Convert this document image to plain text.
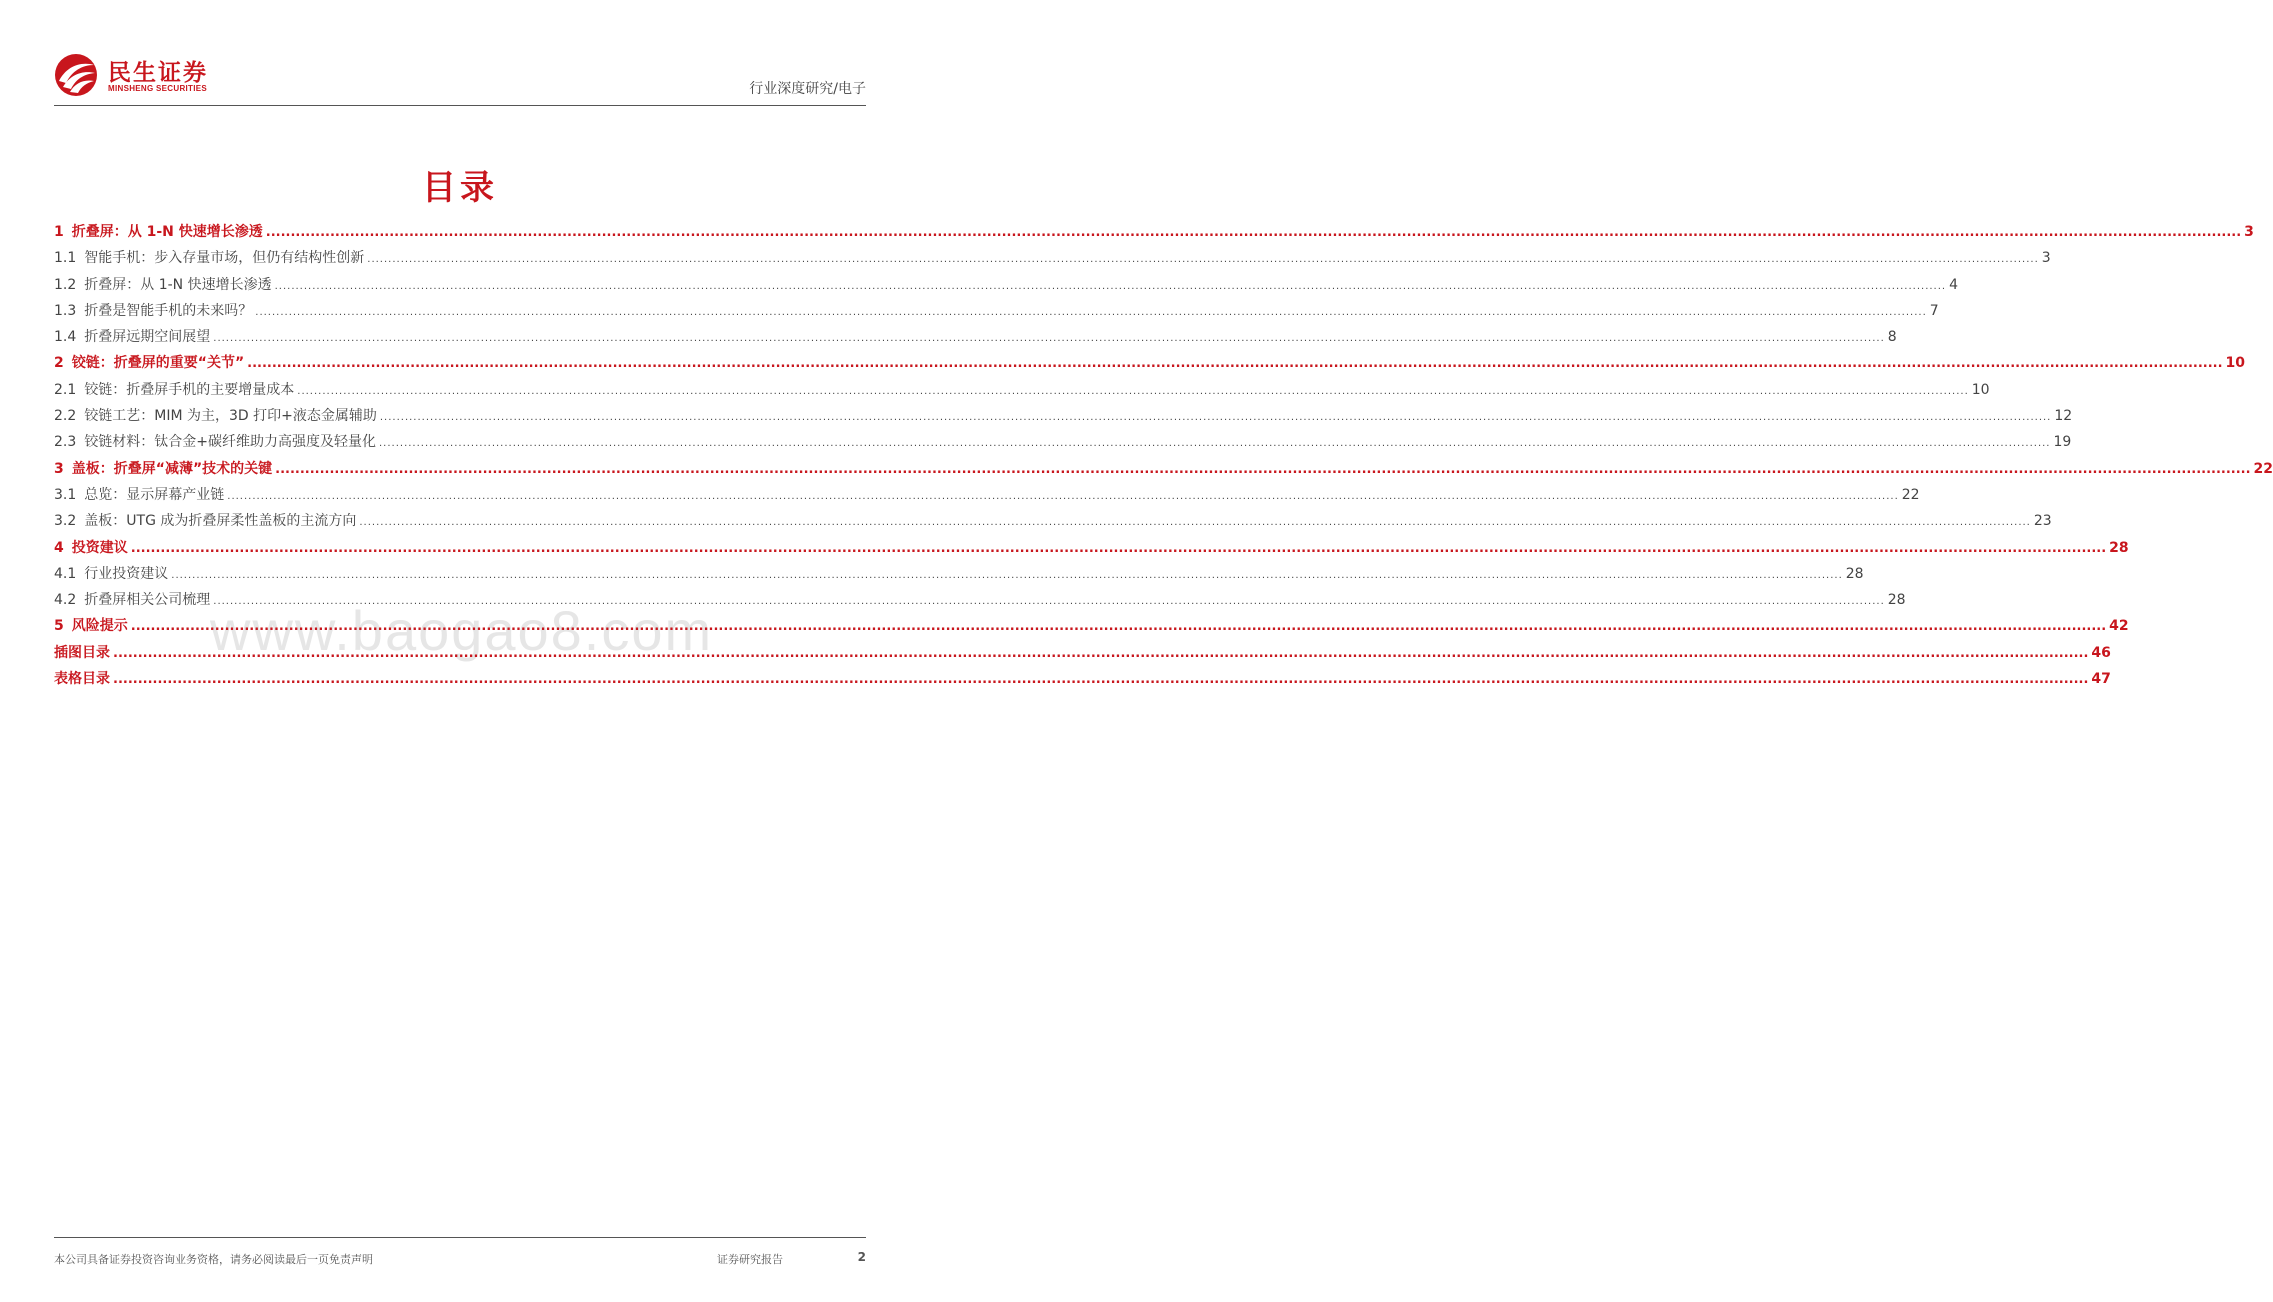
民生证券
MINSHENG SECURITIES	行业深度研究/电子
www.baogao8.com
目录
1 折叠屏：从 1-N 快速增长渗透 ................................................................................................................................................................................................................................................................................................................................................................................................................ 3
1.1 智能手机：步入存量市场，但仍有结构性创新 ................................................................................................................................................................................................................................................................................................................................................................................................................ 3
1.2 折叠屏：从 1-N 快速增长渗透 ................................................................................................................................................................................................................................................................................................................................................................................................................ 4
1.3 折叠是智能手机的未来吗？ ................................................................................................................................................................................................................................................................................................................................................................................................................ 7
1.4 折叠屏远期空间展望 ................................................................................................................................................................................................................................................................................................................................................................................................................ 8
2 铰链：折叠屏的重要“关节” ................................................................................................................................................................................................................................................................................................................................................................................................................ 10
2.1 铰链：折叠屏手机的主要增量成本 ................................................................................................................................................................................................................................................................................................................................................................................................................ 10
2.2 铰链工艺：MIM 为主，3D 打印+液态金属辅助 ................................................................................................................................................................................................................................................................................................................................................................................................................ 12
2.3 铰链材料：钛合金+碳纤维助力高强度及轻量化 ................................................................................................................................................................................................................................................................................................................................................................................................................ 19
3 盖板：折叠屏“减薄”技术的关键 ................................................................................................................................................................................................................................................................................................................................................................................................................ 22
3.1 总览：显示屏幕产业链 ................................................................................................................................................................................................................................................................................................................................................................................................................ 22
3.2 盖板：UTG 成为折叠屏柔性盖板的主流方向 ................................................................................................................................................................................................................................................................................................................................................................................................................ 23
4 投资建议 ................................................................................................................................................................................................................................................................................................................................................................................................................ 28
4.1 行业投资建议 ................................................................................................................................................................................................................................................................................................................................................................................................................ 28
4.2 折叠屏相关公司梳理 ................................................................................................................................................................................................................................................................................................................................................................................................................ 28
5 风险提示 ................................................................................................................................................................................................................................................................................................................................................................................................................ 42
插图目录 ................................................................................................................................................................................................................................................................................................................................................................................................................ 46
表格目录 ................................................................................................................................................................................................................................................................................................................................................................................................................ 47
本公司具备证券投资咨询业务资格，请务必阅读最后一页免责声明	证券研究报告	2
